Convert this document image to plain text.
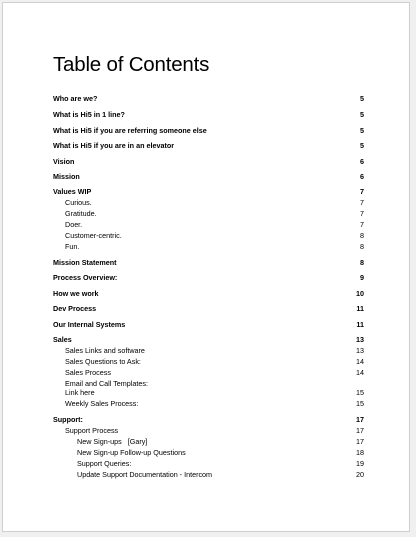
Table of Contents
Who are we?	5
What is Hi5 in 1 line?	5
What is Hi5 if you are referring someone else	5
What is Hi5 if you are in an elevator	5
Vision	6
Mission	6
Values WIP	7
Curious.	7
Gratitude.	7
Doer.	7
Customer-centric.	8
Fun.	8
Mission Statement	8
Process Overview:	9
How we work	10
Dev Process	11
Our Internal Systems	11
Sales	13
Sales Links and software	13
Sales Questions to Ask:	14
Sales Process	14
Email and Call Templates:
Link here	15
Weekly Sales Process:	15
Support:	17
Support Process	17
New Sign-ups   [Gary]	17
New Sign-up Follow-up Questions	18
Support Queries:	19
Update Support Documentation - Intercom	20
